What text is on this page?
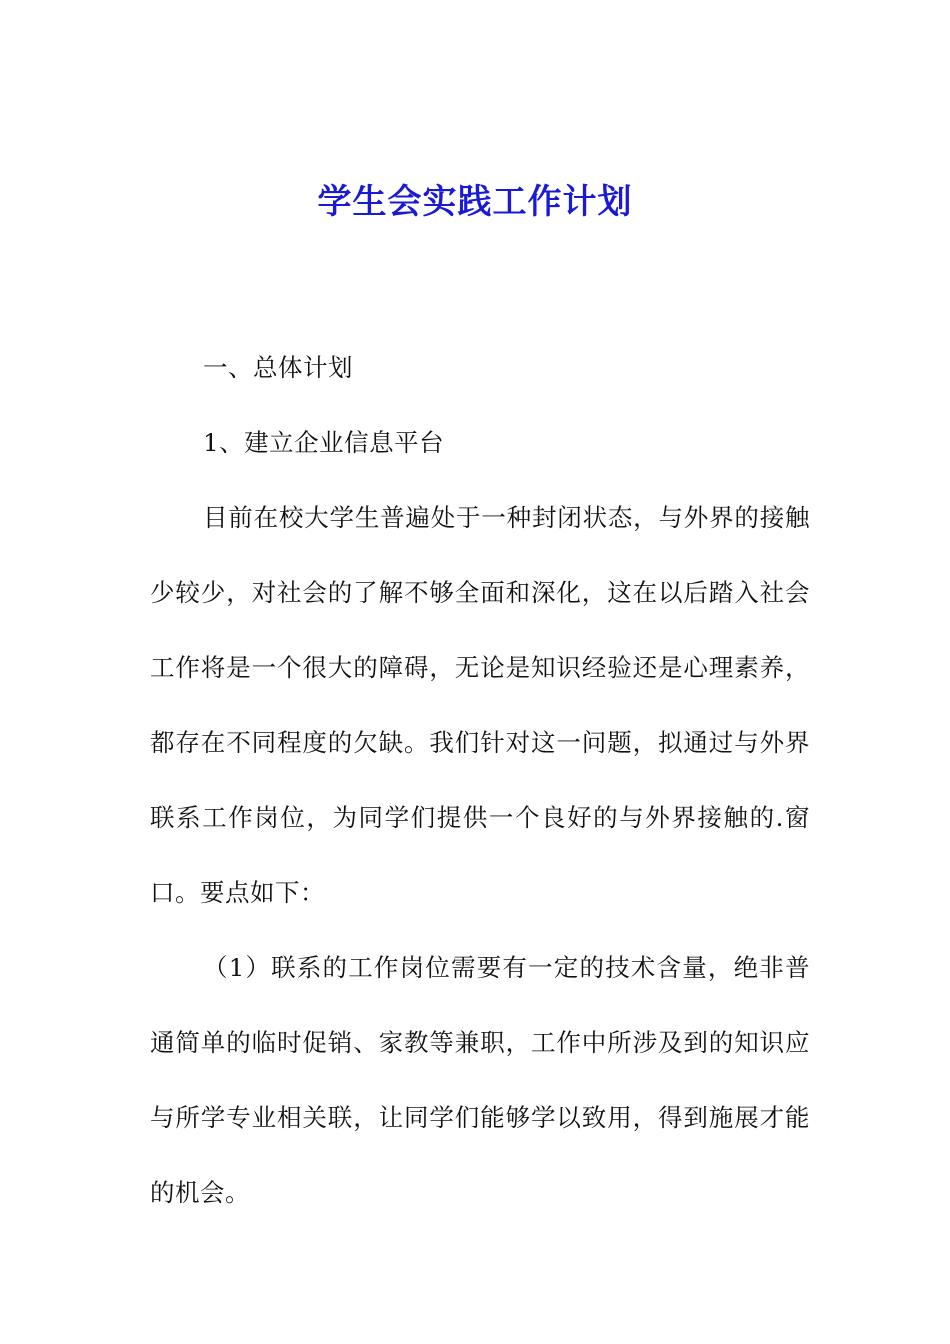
学生会实践工作计划

一、总体计划

1、建立企业信息平台

目前在校大学生普遍处于一种封闭状态，与外界的接触少较少，对社会的了解不够全面和深化，这在以后踏入社会工作将是一个很大的障碍，无论是知识经验还是心理素养，都存在不同程度的欠缺。我们针对这一问题，拟通过与外界联系工作岗位，为同学们提供一个良好的与外界接触的.窗口。要点如下：

（1）联系的工作岗位需要有一定的技术含量，绝非普通简单的临时促销、家教等兼职，工作中所涉及到的知识应与所学专业相关联，让同学们能够学以致用，得到施展才能的机会。
